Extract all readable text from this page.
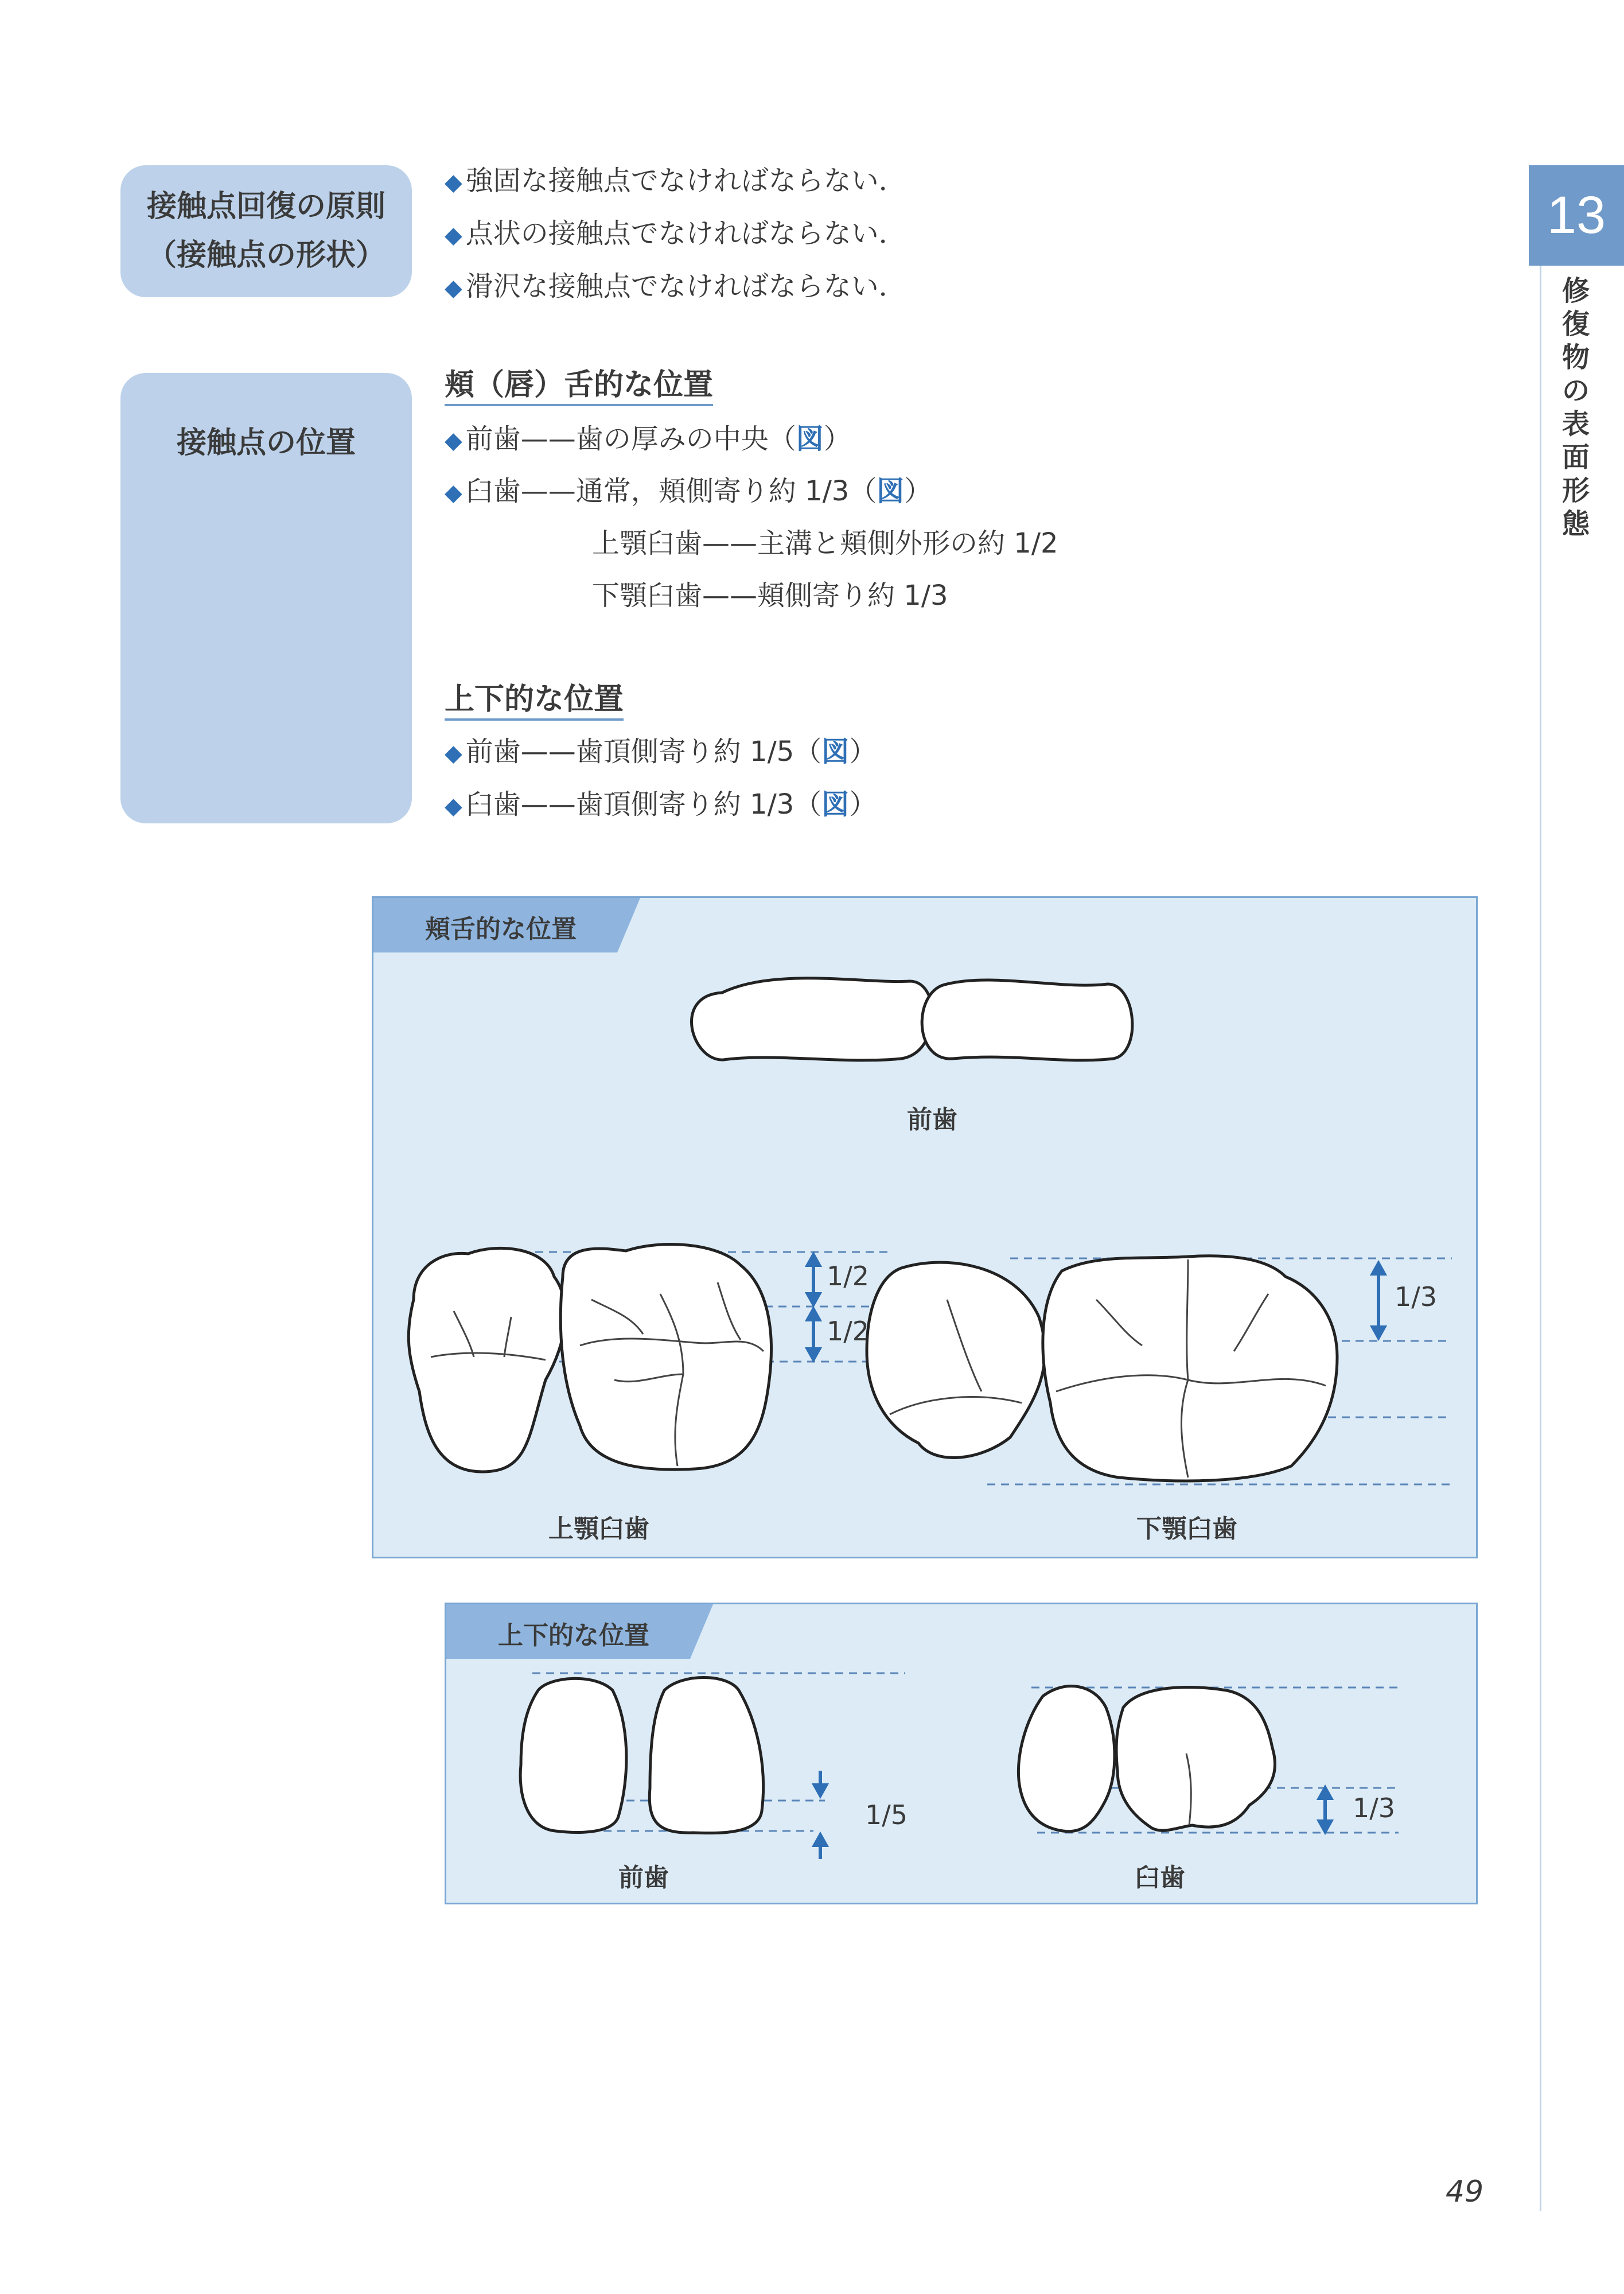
13
修
復
物
の
表
面
形
態
接触点回復の原則
（接触点の形状）
◆ 強固な接触点でなければならない．
◆ 点状の接触点でなければならない．
◆ 滑沢な接触点でなければならない．
接触点の位置
頬（唇）舌的な位置
◆ 前歯——歯の厚みの中央（図）
◆ 臼歯——通常，頬側寄り約 1/3（図）
上顎臼歯——主溝と頬側外形の約 1/2
下顎臼歯——頬側寄り約 1/3
上下的な位置
◆ 前歯——歯頂側寄り約 1/5（図）
◆ 臼歯——歯頂側寄り約 1/3（図）
頬舌的な位置
前歯
上顎臼歯	下顎臼歯
1/2
1/2
1/3
上下的な位置
前歯	臼歯
1/5	1/3
49
